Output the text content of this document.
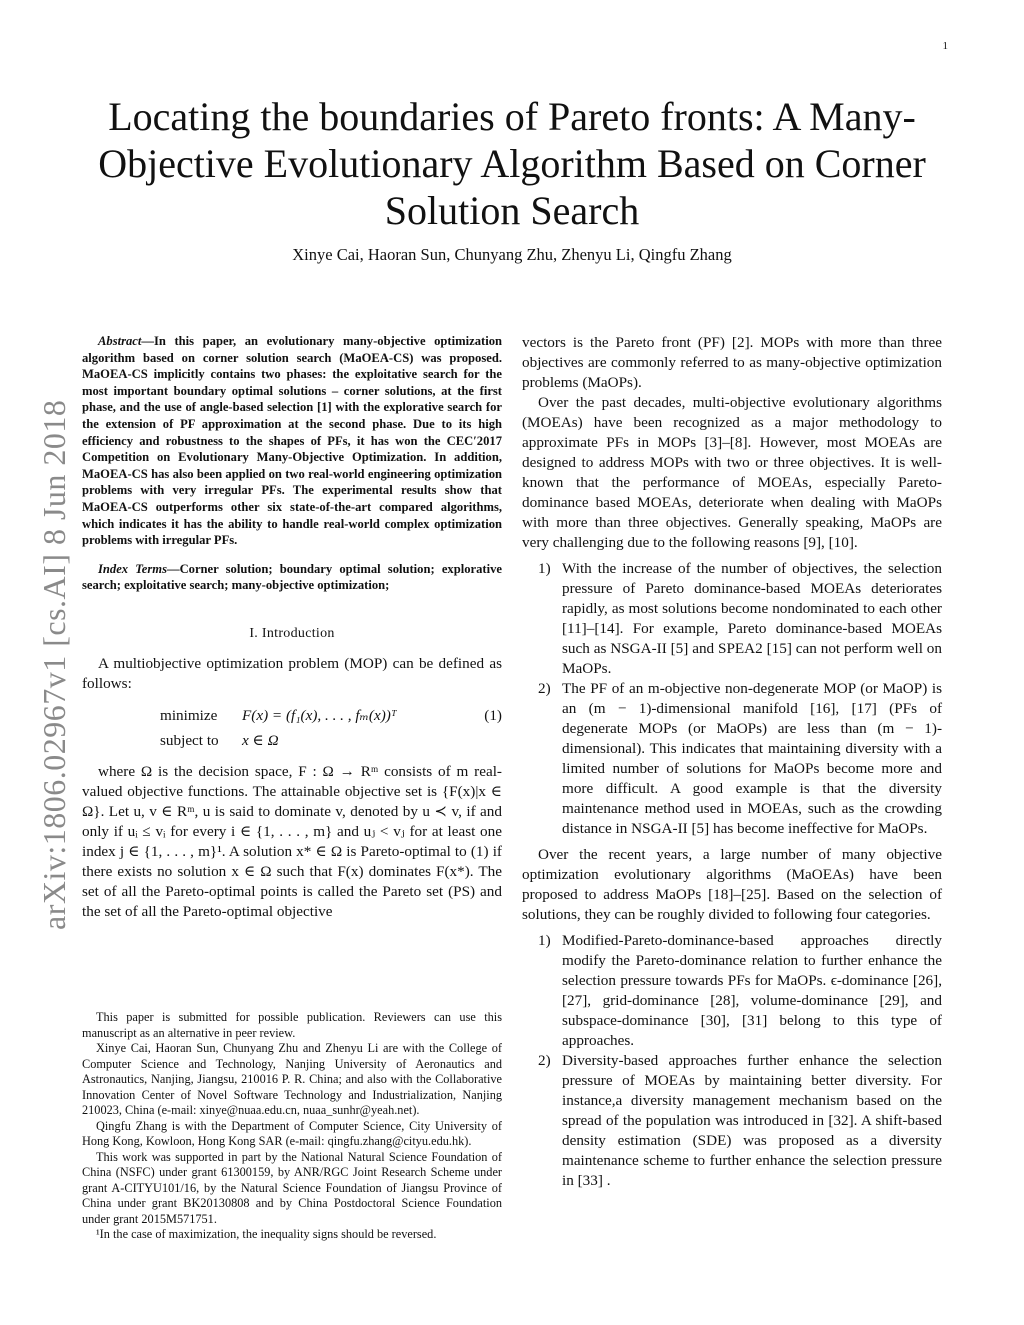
1
arXiv:1806.02967v1 [cs.AI] 8 Jun 2018
Locating the boundaries of Pareto fronts: A Many-Objective Evolutionary Algorithm Based on Corner Solution Search
Xinye Cai, Haoran Sun, Chunyang Zhu, Zhenyu Li, Qingfu Zhang

Abstract—In this paper, an evolutionary many-objective optimization algorithm based on corner solution search (MaOEA-CS) was proposed. MaOEA-CS implicitly contains two phases: the exploitative search for the most important boundary optimal solutions – corner solutions, at the first phase, and the use of angle-based selection [1] with the explorative search for the extension of PF approximation at the second phase. Due to its high efficiency and robustness to the shapes of PFs, it has won the CEC′2017 Competition on Evolutionary Many-Objective Optimization. In addition, MaOEA-CS has also been applied on two real-world engineering optimization problems with very irregular PFs. The experimental results show that MaOEA-CS outperforms other six state-of-the-art compared algorithms, which indicates it has the ability to handle real-world complex optimization problems with irregular PFs.

Index Terms—Corner solution; boundary optimal solution; explorative search; exploitative search; many-objective optimization;

I. Introduction

A multiobjective optimization problem (MOP) can be defined as follows:

minimize F(x) = (f₁(x), . . . , fₘ(x))ᵀ
subject to x ∈ Ω
(1)

where Ω is the decision space, F : Ω → Rᵐ consists of m real-valued objective functions. The attainable objective set is {F(x)|x ∈ Ω}. Let u, v ∈ Rᵐ, u is said to dominate v, denoted by u ≺ v, if and only if uᵢ ≤ vᵢ for every i ∈ {1, . . . , m} and uⱼ < vⱼ for at least one index j ∈ {1, . . . , m}¹. A solution x* ∈ Ω is Pareto-optimal to (1) if there exists no solution x ∈ Ω such that F(x) dominates F(x*). The set of all the Pareto-optimal points is called the Pareto set (PS) and the set of all the Pareto-optimal objective

This paper is submitted for possible publication. Reviewers can use this manuscript as an alternative in peer review.

Xinye Cai, Haoran Sun, Chunyang Zhu and Zhenyu Li are with the College of Computer Science and Technology, Nanjing University of Aeronautics and Astronautics, Nanjing, Jiangsu, 210016 P. R. China; and also with the Collaborative Innovation Center of Novel Software Technology and Industrialization, Nanjing 210023, China (e-mail: xinye@nuaa.edu.cn, nuaa_sunhr@yeah.net).

Qingfu Zhang is with the Department of Computer Science, City University of Hong Kong, Kowloon, Hong Kong SAR (e-mail: qingfu.zhang@cityu.edu.hk).

This work was supported in part by the National Natural Science Foundation of China (NSFC) under grant 61300159, by ANR/RGC Joint Research Scheme under grant A-CITYU101/16, by the Natural Science Foundation of Jiangsu Province of China under grant BK20130808 and by China Postdoctoral Science Foundation under grant 2015M571751.

¹In the case of maximization, the inequality signs should be reversed.

vectors is the Pareto front (PF) [2]. MOPs with more than three objectives are commonly referred to as many-objective optimization problems (MaOPs).

Over the past decades, multi-objective evolutionary algorithms (MOEAs) have been recognized as a major methodology to approximate PFs in MOPs [3]–[8]. However, most MOEAs are designed to address MOPs with two or three objectives. It is well-known that the performance of MOEAs, especially Pareto-dominance based MOEAs, deteriorate when dealing with MaOPs with more than three objectives. Generally speaking, MaOPs are very challenging due to the following reasons [9], [10].

1) With the increase of the number of objectives, the selection pressure of Pareto dominance-based MOEAs deteriorates rapidly, as most solutions become nondominated to each other [11]–[14]. For example, Pareto dominance-based MOEAs such as NSGA-II [5] and SPEA2 [15] can not perform well on MaOPs.
2) The PF of an m-objective non-degenerate MOP (or MaOP) is an (m − 1)-dimensional manifold [16], [17] (PFs of degenerate MOPs (or MaOPs) are less than (m − 1)-dimensional). This indicates that maintaining diversity with a limited number of solutions for MaOPs become more and more difficult. A good example is that the diversity maintenance method used in MOEAs, such as the crowding distance in NSGA-II [5] has become ineffective for MaOPs.

Over the recent years, a large number of many objective optimization evolutionary algorithms (MaOEAs) have been proposed to address MaOPs [18]–[25]. Based on the selection of solutions, they can be roughly divided to following four categories.

1) Modified-Pareto-dominance-based approaches directly modify the Pareto-dominance relation to further enhance the selection pressure towards PFs for MaOPs. ϵ-dominance [26], [27], grid-dominance [28], volume-dominance [29], and subspace-dominance [30], [31] belong to this type of approaches.
2) Diversity-based approaches further enhance the selection pressure of MOEAs by maintaining better diversity. For instance,a diversity management mechanism based on the spread of the population was introduced in [32]. A shift-based density estimation (SDE) was proposed as a diversity maintenance scheme to further enhance the selection pressure in [33] .
